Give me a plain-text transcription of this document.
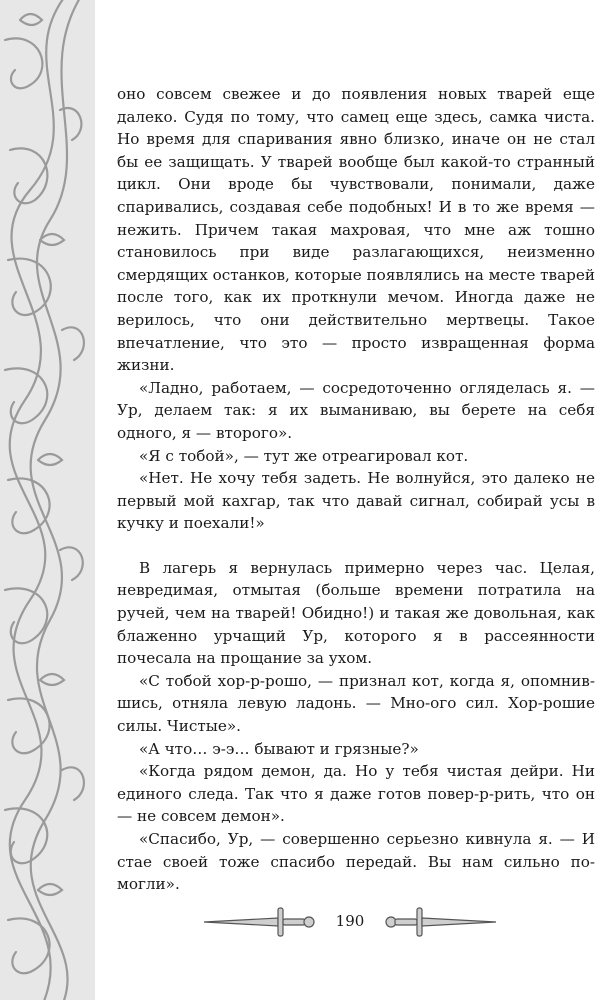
оно совсем свежее и до появления новых тварей еще далеко. Судя по тому, что самец еще здесь, самка чиста. Но время для спаривания явно близко, иначе он не стал бы ее защищать. У тварей вообще был какой-то странный цикл. Они вроде бы чувствовали, понимали, даже спаривались, создавая себе подобных! И в то же время — нежить. Причем такая махровая, что мне аж тошно становилось при виде разлагающихся, неизменно смердящих останков, которые появлялись на месте тварей после того, как их проткнули мечом. Иногда даже не верилось, что они действительно мертвецы. Такое впечатление, что это — просто извращенная форма жизни.

«Ладно, работаем, — сосредоточенно огляделась я. — Ур, делаем так: я их выманиваю, вы берете на себя одного, я — второго».

«Я с тобой», — тут же отреагировал кот.

«Нет. Не хочу тебя задеть. Не волнуйся, это далеко не первый мой кахгар, так что давай сигнал, собирай усы в кучку и поехали!»

В лагерь я вернулась примерно через час. Целая, невредимая, отмытая (больше времени потратила на ручей, чем на тварей! Обидно!) и такая же довольная, как блаженно урчащий Ур, которого я в рассеянности почесала на прощание за ухом.

«С тобой хор-р-рошо, — признал кот, когда я, опомнившись, отняла левую ладонь. — Мно-ого сил. Хор-рошие силы. Чистые».

«А что… э-э… бывают и грязные?»

«Когда рядом демон, да. Но у тебя чистая дейри. Ни единого следа. Так что я даже готов повер-р-рить, что он — не совсем демон».

«Спасибо, Ур, — совершенно серьезно кивнула я. — И стае своей тоже спасибо передай. Вы нам сильно помогли».

190
